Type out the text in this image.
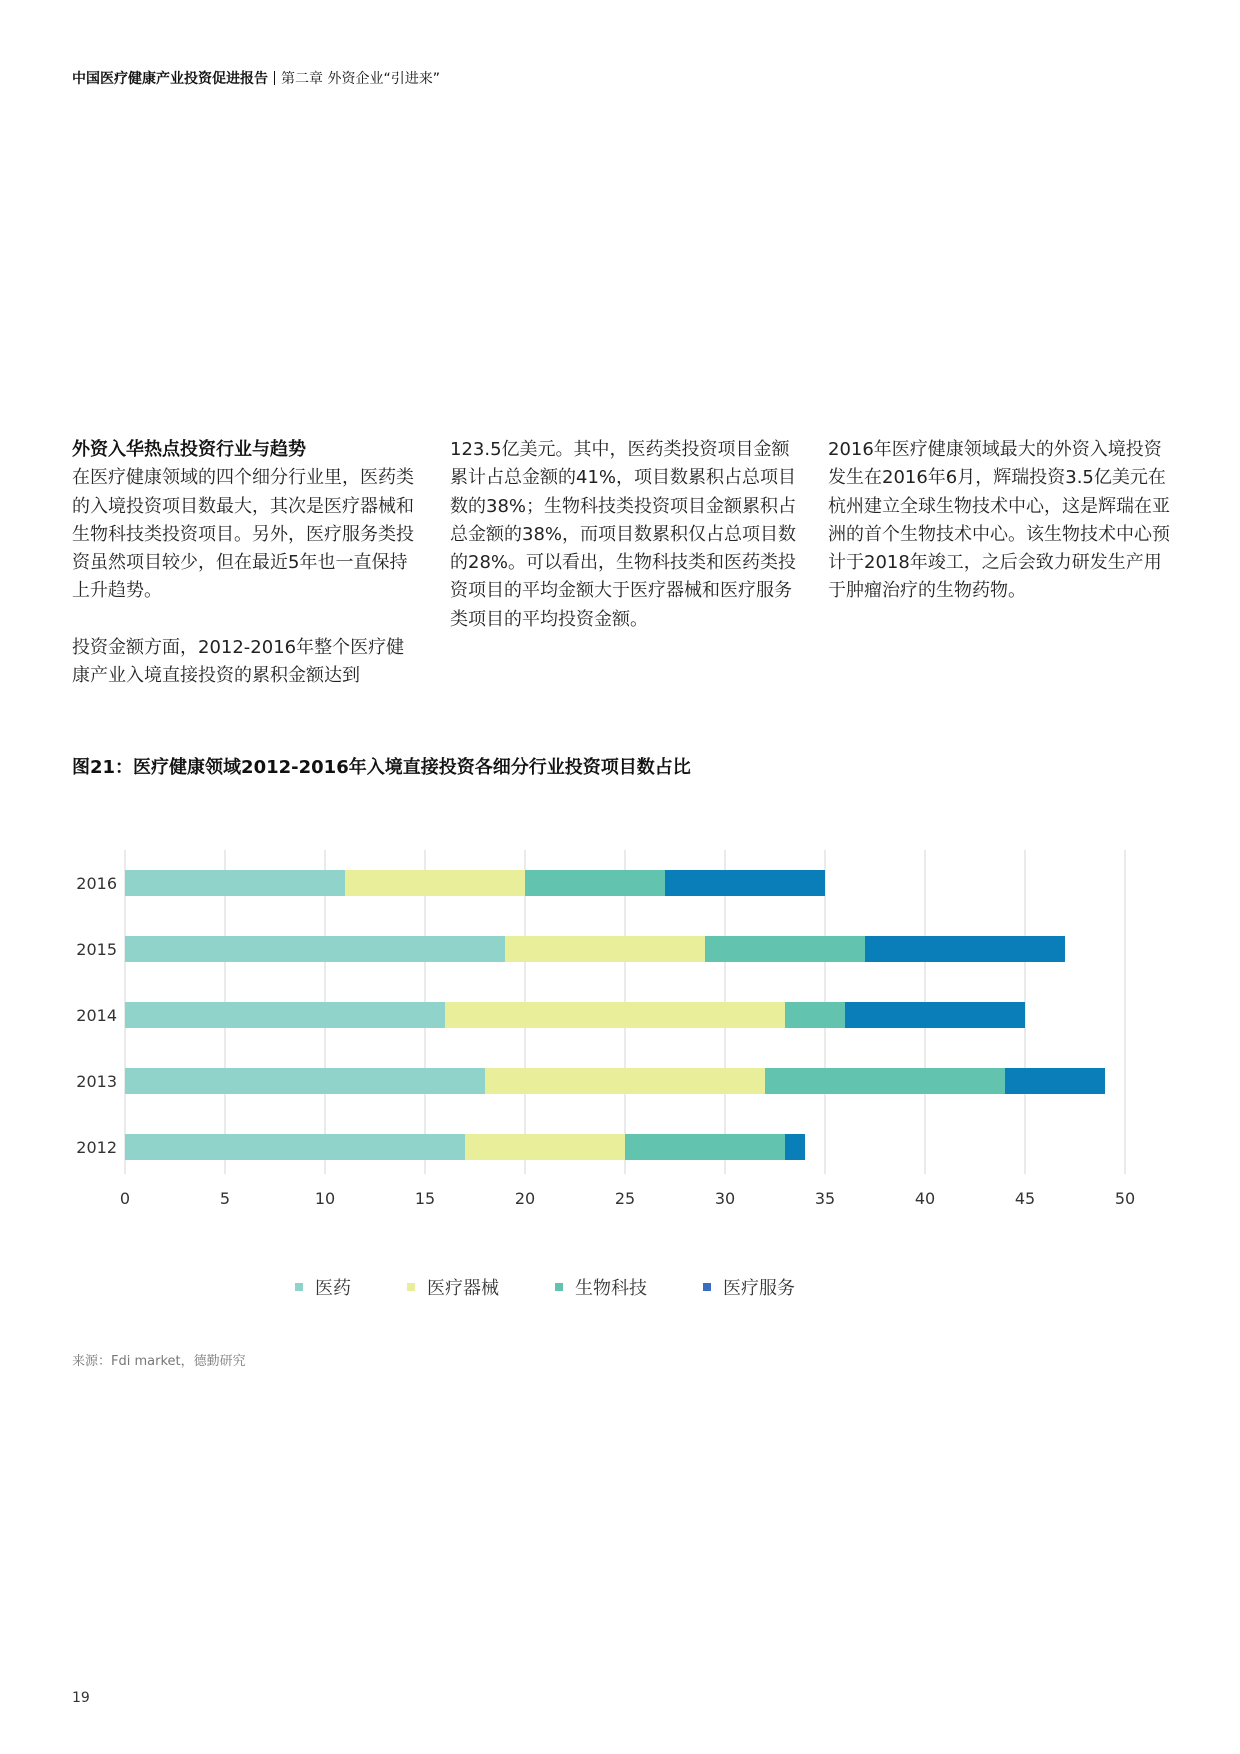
中国医疗健康产业投资促进报告 第二章 外资企业“引进来”

外资入华热点投资行业与趋势

在医疗健康领域的四个细分行业里，医药类的入境投资项目数最大，其次是医疗器械和生物科技类投资项目。另外，医疗服务类投资虽然项目较少，但在最近5年也一直保持上升趋势。

2016年医疗健康领域最大的外资入境投资发生在2016年6月，辉瑞投资3.5亿美元在杭州建立全球生物技术中心，这是辉瑞在亚洲的首个生物技术中心。该生物技术中心预计于2018年竣工，之后会致力研发生产用于肿瘤治疗的生物药物。

投资金额方面，2012-2016年整个医疗健康产业入境直接投资的累积金额达到

123.5亿美元。其中，医药类投资项目金额累计占总金额的41%，项目数累积占总项目数的38%；生物科技类投资项目金额累积占总金额的38%，而项目数累积仅占总项目数的28%。可以看出，生物科技类和医药类投资项目的平均金额大于医疗器械和医疗服务类项目的平均投资金额。

图21：医疗健康领域2012-2016年入境直接投资各细分行业投资项目数占比
0	5	10	15	20	25	30	35	40	45	50
2016
2015
2014
2013
2012
医药	医疗器械	生物科技	医疗服务
来源：Fdi market，德勤研究
19
